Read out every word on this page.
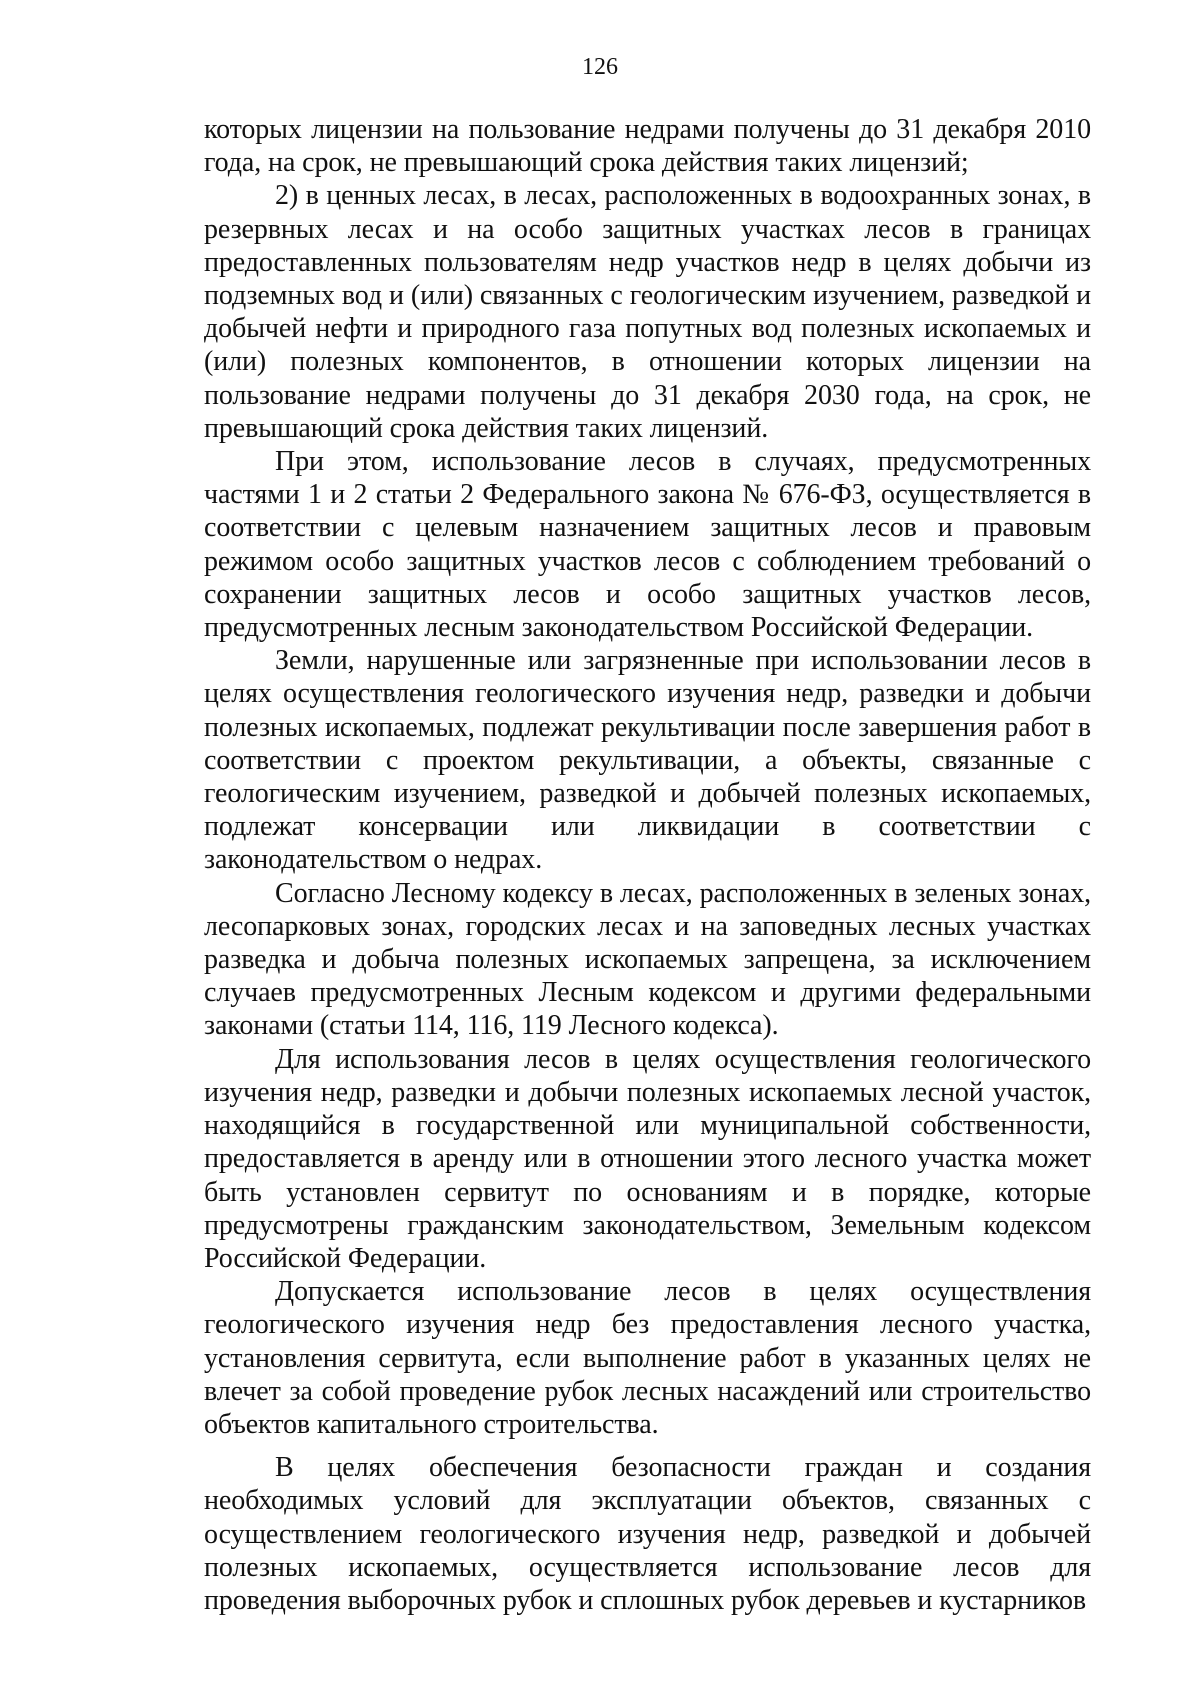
126

которых лицензии на пользование недрами получены до 31 декабря 2010 года, на срок, не превышающий срока действия таких лицензий;

2) в ценных лесах, в лесах, расположенных в водоохранных зонах, в резервных лесах и на особо защитных участках лесов в границах предоставленных пользователям недр участков недр в целях добычи из подземных вод и (или) связанных с геологическим изучением, разведкой и добычей нефти и природного газа попутных вод полезных ископаемых и (или) полезных компонентов, в отношении которых лицензии на пользование недрами получены до 31 декабря 2030 года, на срок, не превышающий срока действия таких лицензий.

При этом, использование лесов в случаях, предусмотренных частями 1 и 2 статьи 2 Федерального закона № 676-ФЗ, осуществляется в соответствии с целевым назначением защитных лесов и правовым режимом особо защитных участков лесов с соблюдением требований о сохранении защитных лесов и особо защитных участков лесов, предусмотренных лесным законодательством Российской Федерации.

Земли, нарушенные или загрязненные при использовании лесов в целях осуществления геологического изучения недр, разведки и добычи полезных ископаемых, подлежат рекультивации после завершения работ в соответствии с проектом рекультивации, а объекты, связанные с геологическим изучением, разведкой и добычей полезных ископаемых, подлежат консервации или ликвидации в соответствии с законодательством о недрах.

Согласно Лесному кодексу в лесах, расположенных в зеленых зонах, лесопарковых зонах, городских лесах и на заповедных лесных участках разведка и добыча полезных ископаемых запрещена, за исключением случаев предусмотренных Лесным кодексом и другими федеральными законами (статьи 114, 116, 119 Лесного кодекса).

Для использования лесов в целях осуществления геологического изучения недр, разведки и добычи полезных ископаемых лесной участок, находящийся в государственной или муниципальной собственности, предоставляется в аренду или в отношении этого лесного участка может быть установлен сервитут по основаниям и в порядке, которые предусмотрены гражданским законодательством, Земельным кодексом Российской Федерации.

Допускается использование лесов в целях осуществления геологического изучения недр без предоставления лесного участка, установления сервитута, если выполнение работ в указанных целях не влечет за собой проведение рубок лесных насаждений или строительство объектов капитального строительства.

В целях обеспечения безопасности граждан и создания необходимых условий для эксплуатации объектов, связанных с осуществлением геологического изучения недр, разведкой и добычей полезных ископаемых, осуществляется использование лесов для проведения выборочных рубок и сплошных рубок деревьев и кустарников
